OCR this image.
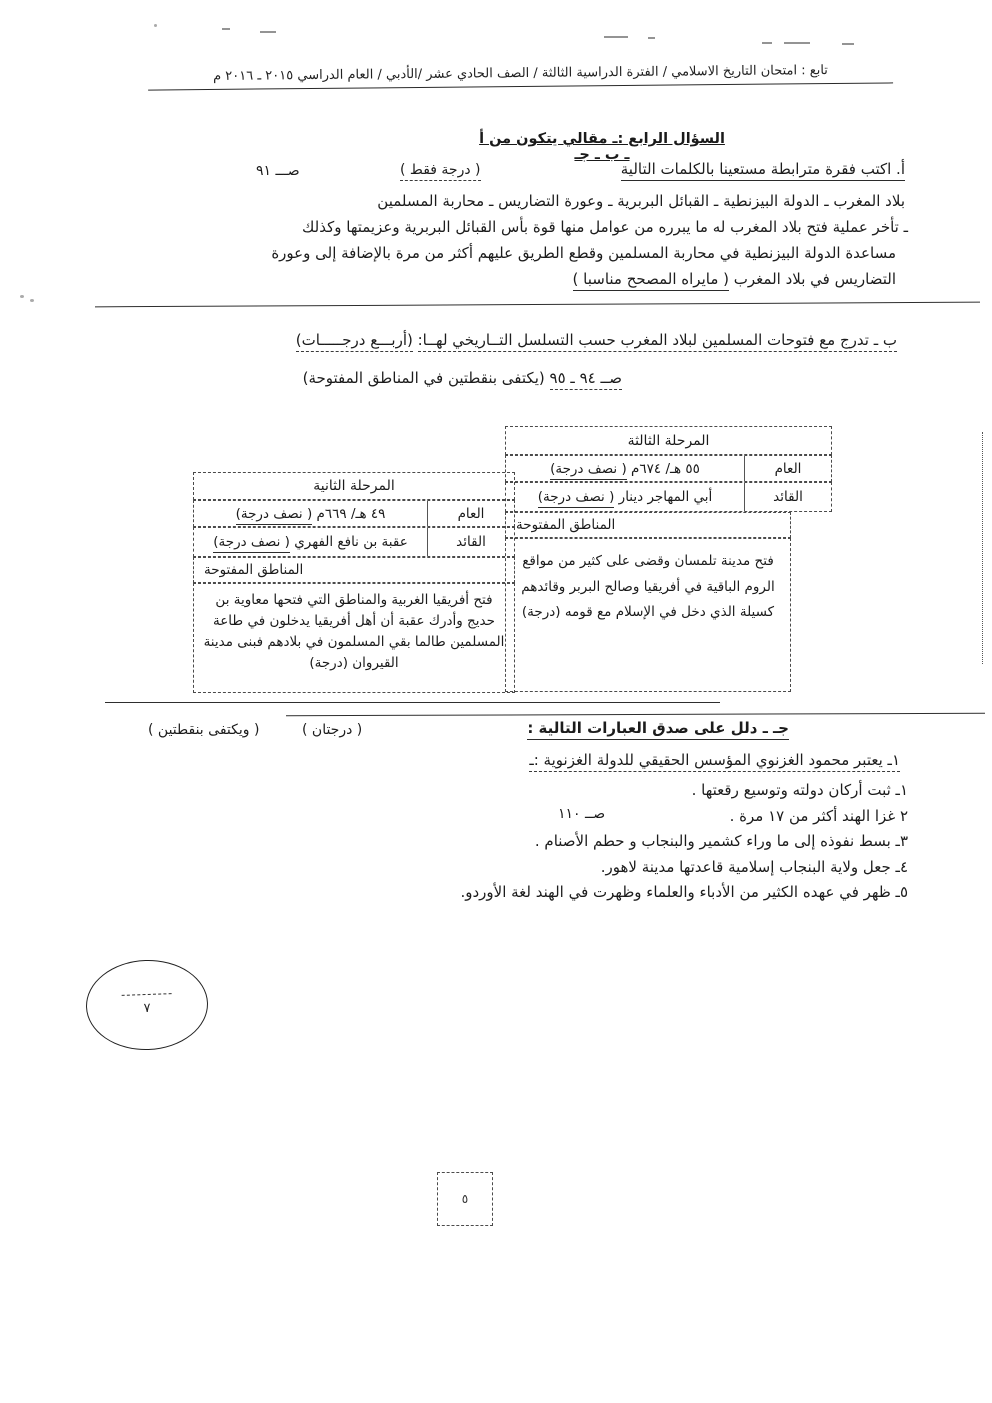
تابع : امتحان التاريخ الاسلامي / الفترة الدراسية الثالثة / الصف الحادي عشر /الأدبي / العام الدراسي ٢٠١٥ ـ ٢٠١٦ م
السؤال الرابع :ـ مقالي يتكون من أ ـ ب ـ جـ
أ. اكتب فقرة مترابطة مستعينا بالكلمات التالية
( درجة فقط )
صـــ ٩١
بلاد المغرب ـ الدولة البيزنطية ـ القبائل البربرية ـ وعورة التضاريس ـ محاربة المسلمين
ـ تأخر عملية فتح بلاد المغرب له ما يبرره من عوامل منها قوة بأس القبائل البربرية وعزيمتها وكذلك
مساعدة الدولة البيزنطية في محاربة المسلمين وقطع الطريق عليهم أكثر من مرة بالإضافة إلى وعورة
التضاريس في بلاد المغرب ( مايراه المصحح مناسبا )
ب ـ تدرج مع فتوحات المسلمين لبلاد المغرب حسب التسلسل التــاريخي لهــا: (أربـــع درجـــــات)
صــ ٩٤ ـ ٩٥ (يكتفى بنقطتين في المناطق المفتوحة)
المرحلة الثالثة
العام
٥٥ هـ/ ٦٧٤م ( نصف درجة)
القائد
أبي المهاجر دينار ( نصف درجة)
المناطق المفتوحة
فتح مدينة تلمسان وقضى على كثير من مواقع الروم الباقية في أفريقيا وصالح البربر وقائدهم كسيلة الذي دخل في الإسلام مع قومه (درجة)
المرحلة الثانية
العام
٤٩ هـ/ ٦٦٩م ( نصف درجة)
القائد
عقبة بن نافع الفهري ( نصف درجة)
المناطق المفتوحة
فتح أفريقيا الغربية والمناطق التي فتحها معاوية بن حديج وأدرك عقبة أن أهل أفريقيا يدخلون في طاعة المسلمين طالما بقي المسلمون في بلادهم فبنى مدينة القيروان (درجة)
جـ ـ دلل على صدق العبارات التالية :
( درجتان )
( ويكتفى بنقطتين )
١ـ يعتبر محمود الغزنوي المؤسس الحقيقي للدولة الغزنوية :ـ
١ـ ثبت أركان دولته وتوسيع رقعتها .
٢ غزا الهند أكثر من ١٧ مرة .
٣ـ بسط نفوذه إلى ما وراء كشمير والبنجاب و حطم الأصنام .
٤ـ جعل ولاية البنجاب إسلامية قاعدتها مدينة لاهور.
٥ـ ظهر في عهده الكثير من الأدباء والعلماء وظهرت في الهند لغة الأوردو.
صــ ١١٠
٧
٥
